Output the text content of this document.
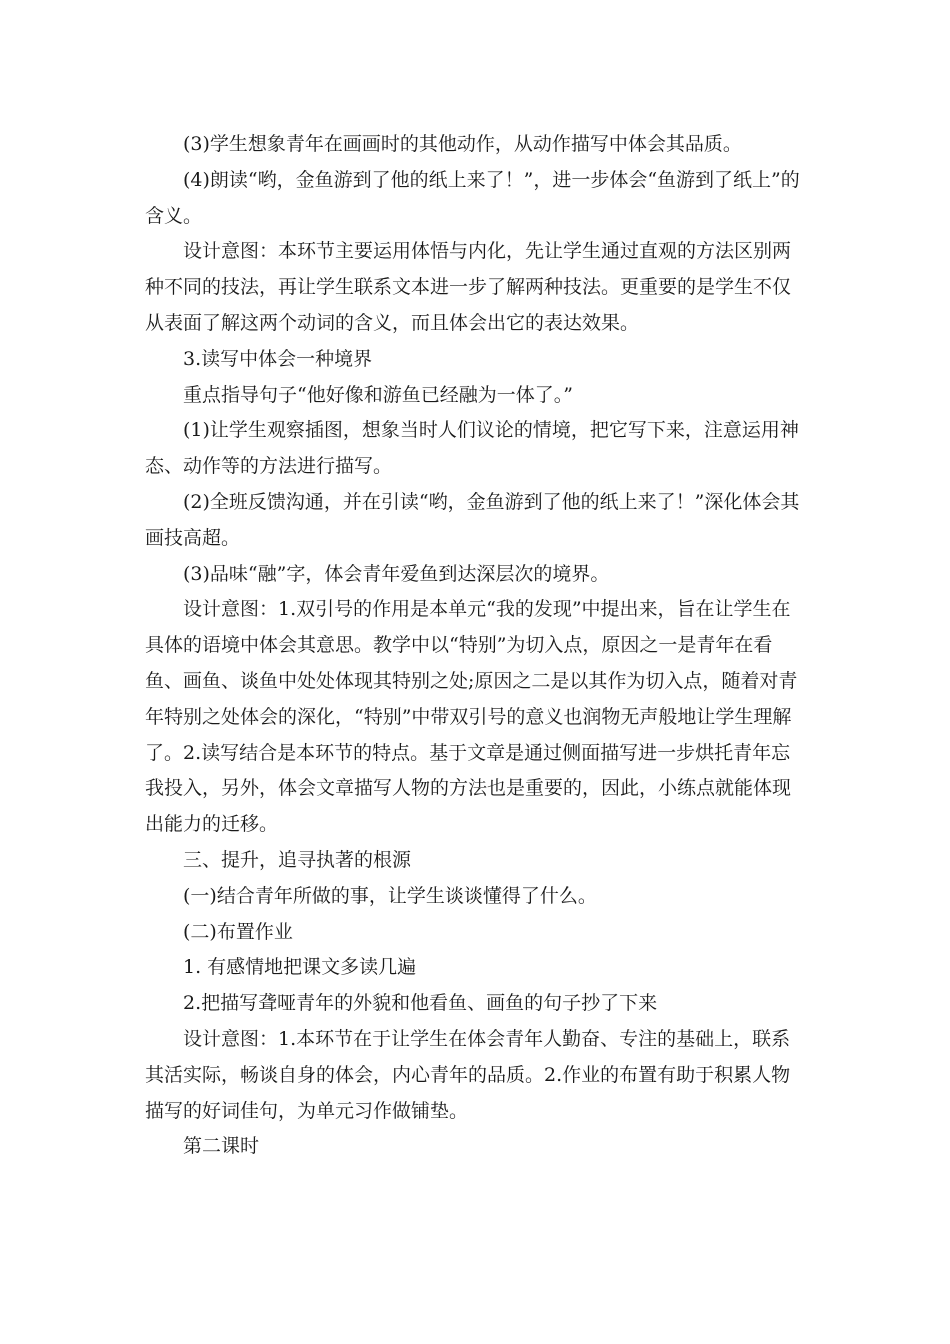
(3)学生想象青年在画画时的其他动作，从动作描写中体会其品质。

(4)朗读“哟，金鱼游到了他的纸上来了！”，进一步体会“鱼游到了纸上”的含义。

设计意图：本环节主要运用体悟与内化，先让学生通过直观的方法区别两种不同的技法，再让学生联系文本进一步了解两种技法。更重要的是学生不仅从表面了解这两个动词的含义，而且体会出它的表达效果。

3.读写中体会一种境界

重点指导句子“他好像和游鱼已经融为一体了。”

(1)让学生观察插图，想象当时人们议论的情境，把它写下来，注意运用神态、动作等的方法进行描写。

(2)全班反馈沟通，并在引读“哟，金鱼游到了他的纸上来了！”深化体会其画技高超。

(3)品味“融”字，体会青年爱鱼到达深层次的境界。

设计意图：1.双引号的作用是本单元“我的发现”中提出来，旨在让学生在具体的语境中体会其意思。教学中以“特别”为切入点，原因之一是青年在看鱼、画鱼、谈鱼中处处体现其特别之处;原因之二是以其作为切入点，随着对青年特别之处体会的深化，“特别”中带双引号的意义也润物无声般地让学生理解了。2.读写结合是本环节的特点。基于文章是通过侧面描写进一步烘托青年忘我投入，另外，体会文章描写人物的方法也是重要的，因此，小练点就能体现出能力的迁移。

三、提升，追寻执著的根源

(一)结合青年所做的事，让学生谈谈懂得了什么。

(二)布置作业

1. 有感情地把课文多读几遍

2.把描写聋哑青年的外貌和他看鱼、画鱼的句子抄了下来

设计意图：1.本环节在于让学生在体会青年人勤奋、专注的基础上，联系其活实际，畅谈自身的体会，内心青年的品质。2.作业的布置有助于积累人物描写的好词佳句，为单元习作做铺垫。

第二课时
